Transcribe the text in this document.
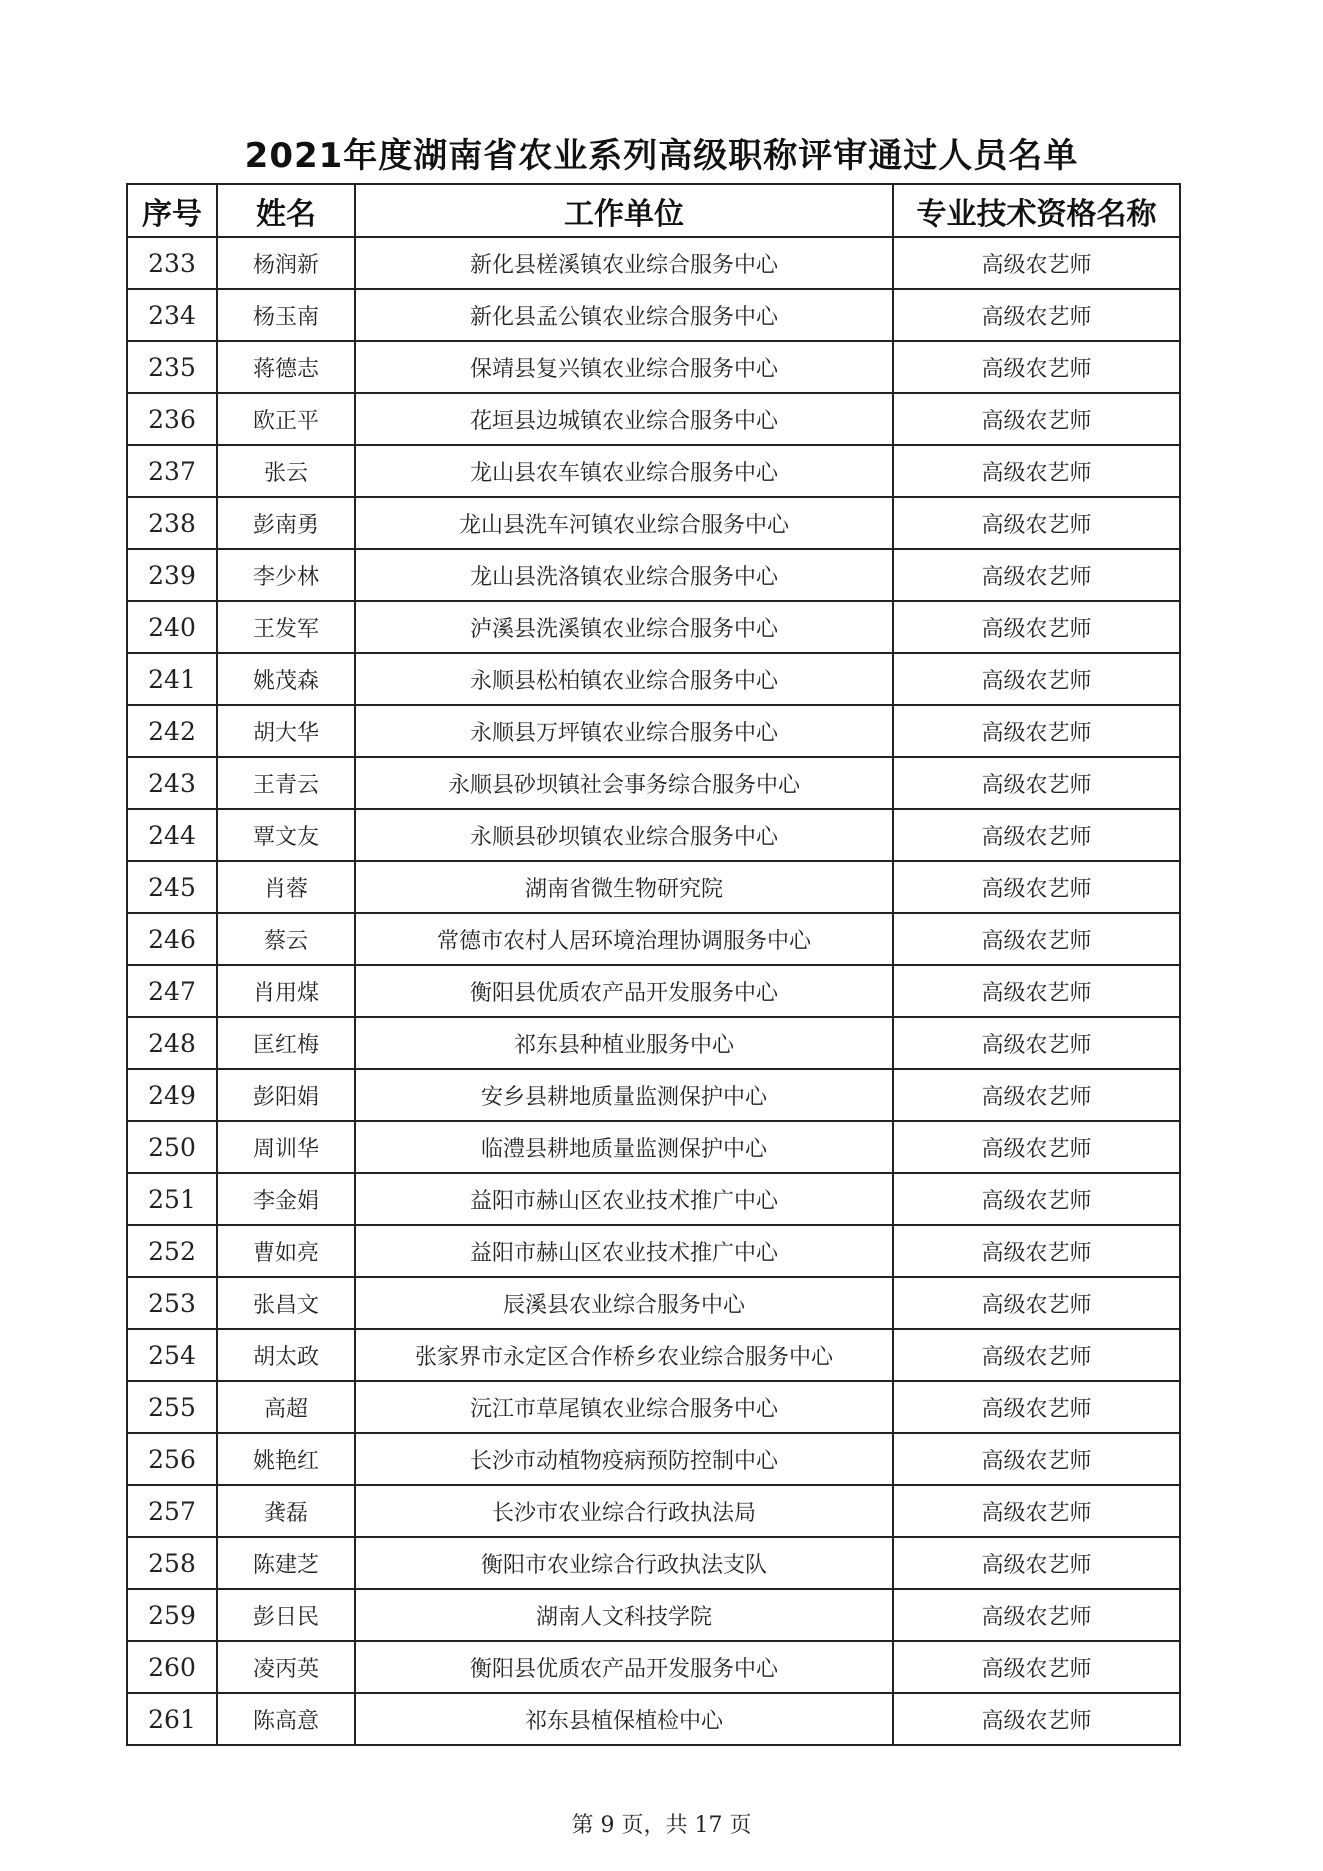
2021年度湖南省农业系列高级职称评审通过人员名单
序号	姓名	工作单位	专业技术资格名称
233	杨润新	新化县槎溪镇农业综合服务中心	高级农艺师
234	杨玉南	新化县孟公镇农业综合服务中心	高级农艺师
235	蒋德志	保靖县复兴镇农业综合服务中心	高级农艺师
236	欧正平	花垣县边城镇农业综合服务中心	高级农艺师
237	张云	龙山县农车镇农业综合服务中心	高级农艺师
238	彭南勇	龙山县洗车河镇农业综合服务中心	高级农艺师
239	李少林	龙山县洗洛镇农业综合服务中心	高级农艺师
240	王发军	泸溪县洗溪镇农业综合服务中心	高级农艺师
241	姚茂森	永顺县松柏镇农业综合服务中心	高级农艺师
242	胡大华	永顺县万坪镇农业综合服务中心	高级农艺师
243	王青云	永顺县砂坝镇社会事务综合服务中心	高级农艺师
244	覃文友	永顺县砂坝镇农业综合服务中心	高级农艺师
245	肖蓉	湖南省微生物研究院	高级农艺师
246	蔡云	常德市农村人居环境治理协调服务中心	高级农艺师
247	肖用煤	衡阳县优质农产品开发服务中心	高级农艺师
248	匡红梅	祁东县种植业服务中心	高级农艺师
249	彭阳娟	安乡县耕地质量监测保护中心	高级农艺师
250	周训华	临澧县耕地质量监测保护中心	高级农艺师
251	李金娟	益阳市赫山区农业技术推广中心	高级农艺师
252	曹如亮	益阳市赫山区农业技术推广中心	高级农艺师
253	张昌文	辰溪县农业综合服务中心	高级农艺师
254	胡太政	张家界市永定区合作桥乡农业综合服务中心	高级农艺师
255	高超	沅江市草尾镇农业综合服务中心	高级农艺师
256	姚艳红	长沙市动植物疫病预防控制中心	高级农艺师
257	龚磊	长沙市农业综合行政执法局	高级农艺师
258	陈建芝	衡阳市农业综合行政执法支队	高级农艺师
259	彭日民	湖南人文科技学院	高级农艺师
260	凌丙英	衡阳县优质农产品开发服务中心	高级农艺师
261	陈高意	祁东县植保植检中心	高级农艺师
第 9 页，共 17 页
